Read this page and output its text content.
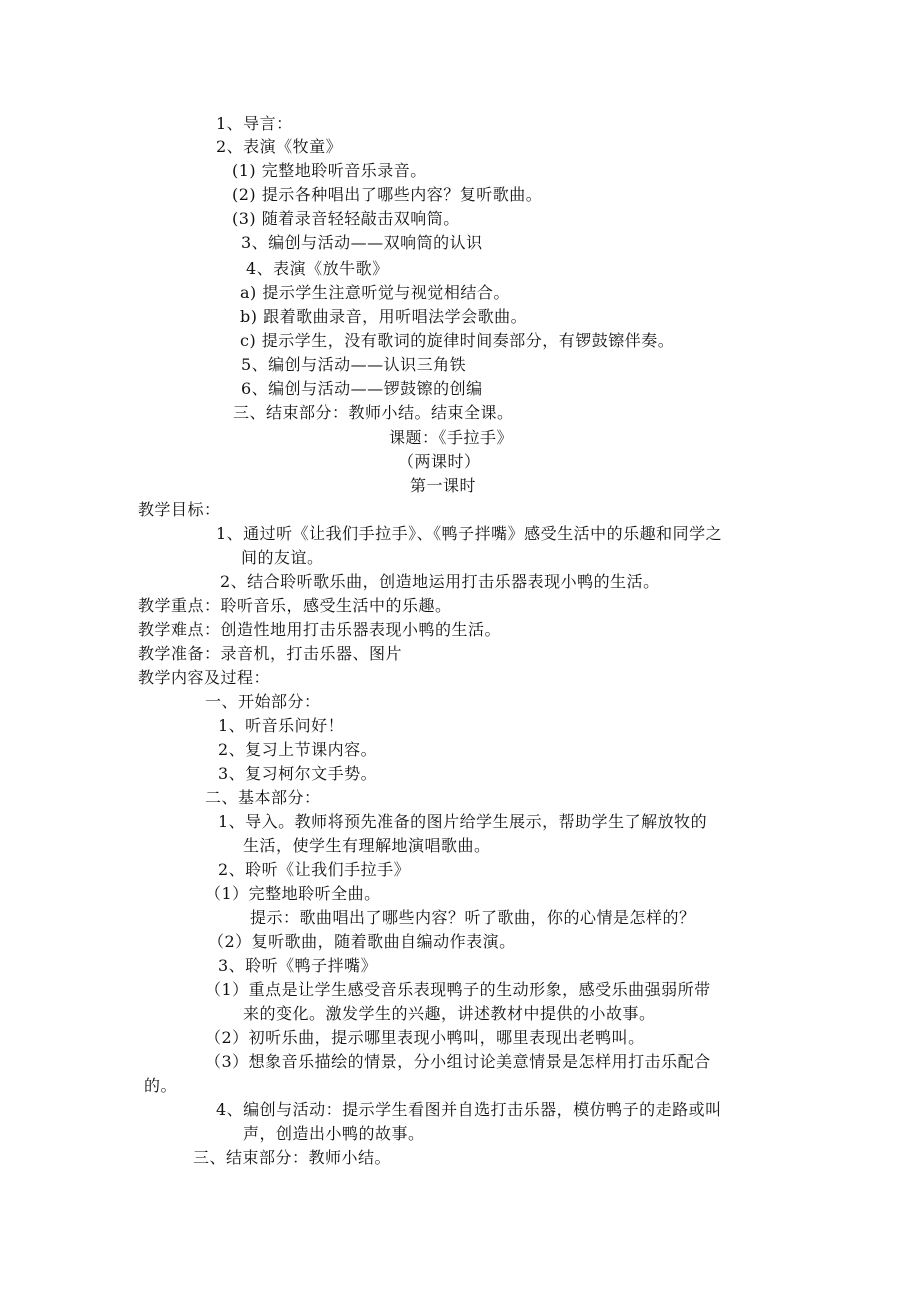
1、导言：
2、表演《牧童》
(1) 完整地聆听音乐录音。
(2) 提示各种唱出了哪些内容？复听歌曲。
(3) 随着录音轻轻敲击双响筒。
3、编创与活动——双响筒的认识
4、表演《放牛歌》
a) 提示学生注意听觉与视觉相结合。
b) 跟着歌曲录音，用听唱法学会歌曲。
c) 提示学生，没有歌词的旋律时间奏部分，有锣鼓镲伴奏。
5、编创与活动——认识三角铁
6、编创与活动——锣鼓镲的创编
三、结束部分：教师小结。结束全课。
课题：《手拉手》
（两课时）
第一课时
教学目标：
1、通过听《让我们手拉手》、《鸭子拌嘴》感受生活中的乐趣和同学之
间的友谊。
2、结合聆听歌乐曲，创造地运用打击乐器表现小鸭的生活。
教学重点：聆听音乐，感受生活中的乐趣。
教学难点：创造性地用打击乐器表现小鸭的生活。
教学准备：录音机，打击乐器、图片
教学内容及过程：
一、开始部分：
1、听音乐问好！
2、复习上节课内容。
3、复习柯尔文手势。
二、基本部分：
1、导入。教师将预先准备的图片给学生展示，帮助学生了解放牧的
生活，使学生有理解地演唱歌曲。
2、聆听《让我们手拉手》
（1）完整地聆听全曲。
提示：歌曲唱出了哪些内容？听了歌曲，你的心情是怎样的？
（2）复听歌曲，随着歌曲自编动作表演。
3、聆听《鸭子拌嘴》
（1）重点是让学生感受音乐表现鸭子的生动形象，感受乐曲强弱所带
来的变化。激发学生的兴趣，讲述教材中提供的小故事。
（2）初听乐曲，提示哪里表现小鸭叫，哪里表现出老鸭叫。
（3）想象音乐描绘的情景，分小组讨论美意情景是怎样用打击乐配合
的。
4、编创与活动：提示学生看图并自选打击乐器，模仿鸭子的走路或叫
声，创造出小鸭的故事。
三、结束部分：教师小结。
